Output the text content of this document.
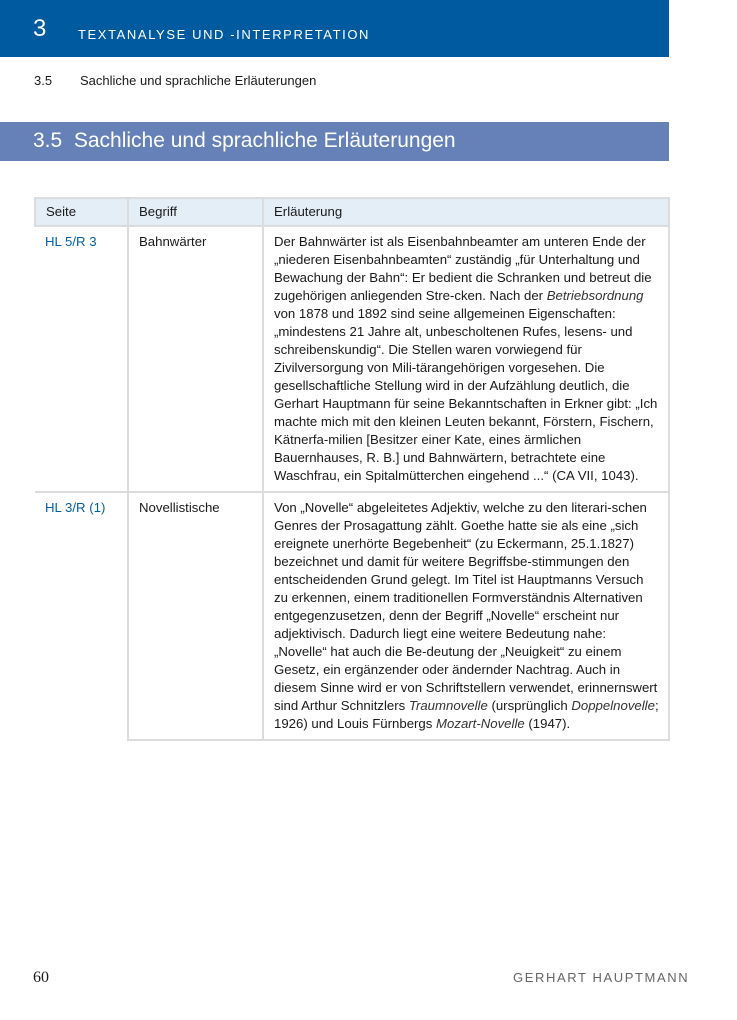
3 TEXTANALYSE UND -INTERPRETATION
3.5 Sachliche und sprachliche Erläuterungen
3.5  Sachliche und sprachliche Erläuterungen
Seite	Begriff	Erläuterung
HL 5/R 3	Bahnwärter	Der Bahnwärter ist als Eisenbahnbeamter am unteren Ende der „niederen Eisenbahnbeamten“ zuständig „für Unterhaltung und Bewachung der Bahn“: Er bedient die Schranken und betreut die zugehörigen anliegenden Stre-cken. Nach der Betriebsordnung von 1878 und 1892 sind seine allgemeinen Eigenschaften: „mindestens 21 Jahre alt, unbescholtenen Rufes, lesens- und schreibenskundig“. Die Stellen waren vorwiegend für Zivilversorgung von Mili-tärangehörigen vorgesehen. Die gesellschaftliche Stellung wird in der Aufzählung deutlich, die Gerhart Hauptmann für seine Bekanntschaften in Erkner gibt: „Ich machte mich mit den kleinen Leuten bekannt, Förstern, Fischern, Kätnerfa-milien [Besitzer einer Kate, eines ärmlichen Bauernhauses, R. B.] und Bahnwärtern, betrachtete eine Waschfrau, ein Spitalmütterchen eingehend ...“ (CA VII, 1043).
HL 3/R (1)	Novellistische	Von „Novelle“ abgeleitetes Adjektiv, welche zu den literari-schen Genres der Prosagattung zählt. Goethe hatte sie als eine „sich ereignete unerhörte Begebenheit“ (zu Eckermann, 25.1.1827) bezeichnet und damit für weitere Begriffsbe-stimmungen den entscheidenden Grund gelegt. Im Titel ist Hauptmanns Versuch zu erkennen, einem traditionellen Formverständnis Alternativen entgegenzusetzen, denn der Begriff „Novelle“ erscheint nur adjektivisch. Dadurch liegt eine weitere Bedeutung nahe: „Novelle“ hat auch die Be-deutung der „Neuigkeit“ zu einem Gesetz, ein ergänzender oder ändernder Nachtrag. Auch in diesem Sinne wird er von Schriftstellern verwendet, erinnernswert sind Arthur Schnitzlers Traumnovelle (ursprünglich Doppelnovelle; 1926) und Louis Fürnbergs Mozart-Novelle (1947).
60	GERHART HAUPTMANN
